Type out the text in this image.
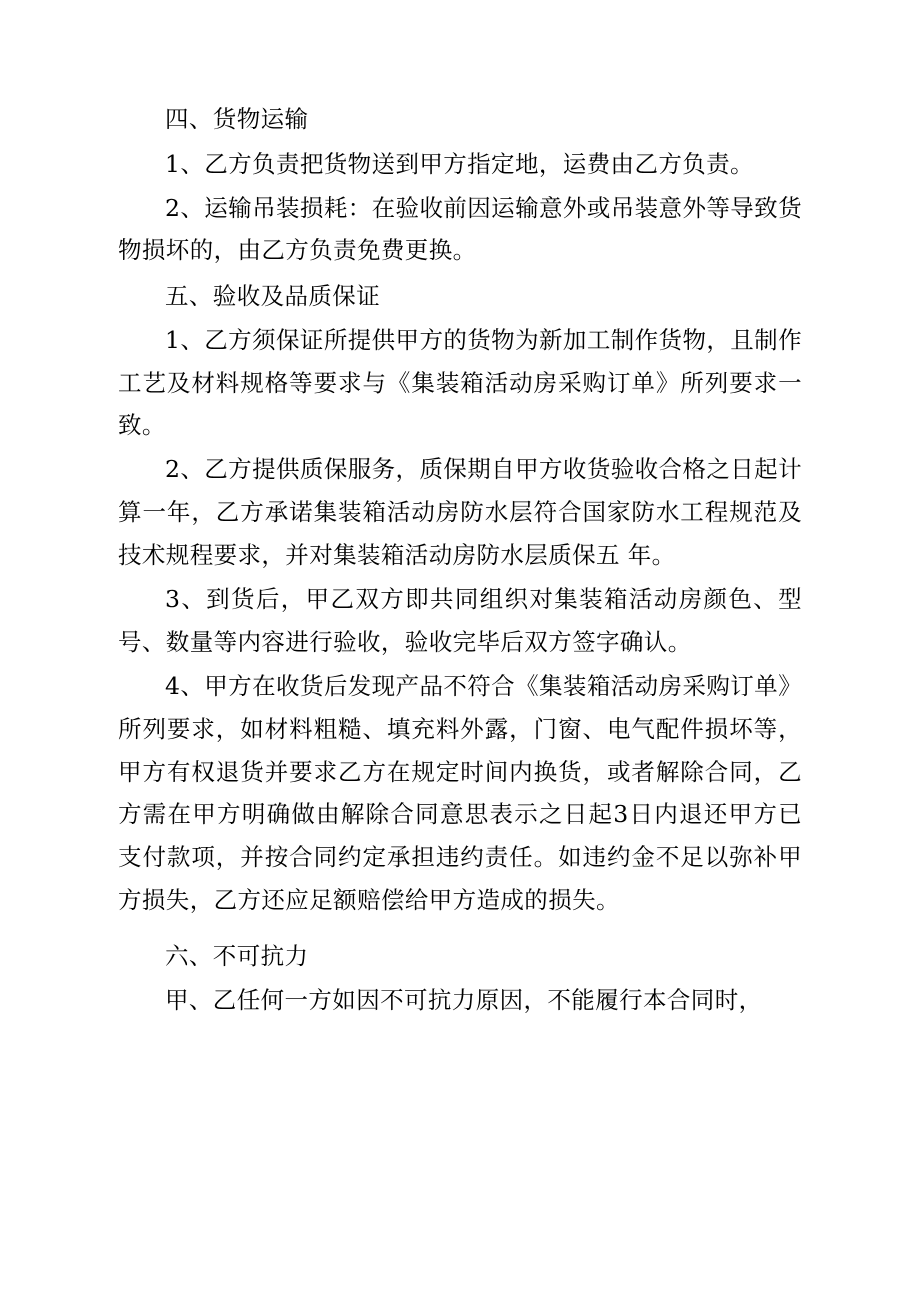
四、货物运输

1、乙方负责把货物送到甲方指定地，运费由乙方负责。

2、运输吊装损耗：在验收前因运输意外或吊装意外等导致货物损坏的，由乙方负责免费更换。

五、验收及品质保证

1、乙方须保证所提供甲方的货物为新加工制作货物，且制作工艺及材料规格等要求与《集装箱活动房采购订单》所列要求一致。

2、乙方提供质保服务，质保期自甲方收货验收合格之日起计算一年，乙方承诺集装箱活动房防水层符合国家防水工程规范及技术规程要求，并对集装箱活动房防水层质保五 年。

3、到货后，甲乙双方即共同组织对集装箱活动房颜色、型号、数量等内容进行验收，验收完毕后双方签字确认。

4、甲方在收货后发现产品不符合《集装箱活动房采购订单》所列要求，如材料粗糙、填充料外露，门窗、电气配件损坏等，甲方有权退货并要求乙方在规定时间内换货，或者解除合同，乙方需在甲方明确做由解除合同意思表示之日起3日内退还甲方已支付款项，并按合同约定承担违约责任。如违约金不足以弥补甲方损失，乙方还应足额赔偿给甲方造成的损失。

六、不可抗力

甲、乙任何一方如因不可抗力原因，不能履行本合同时，
